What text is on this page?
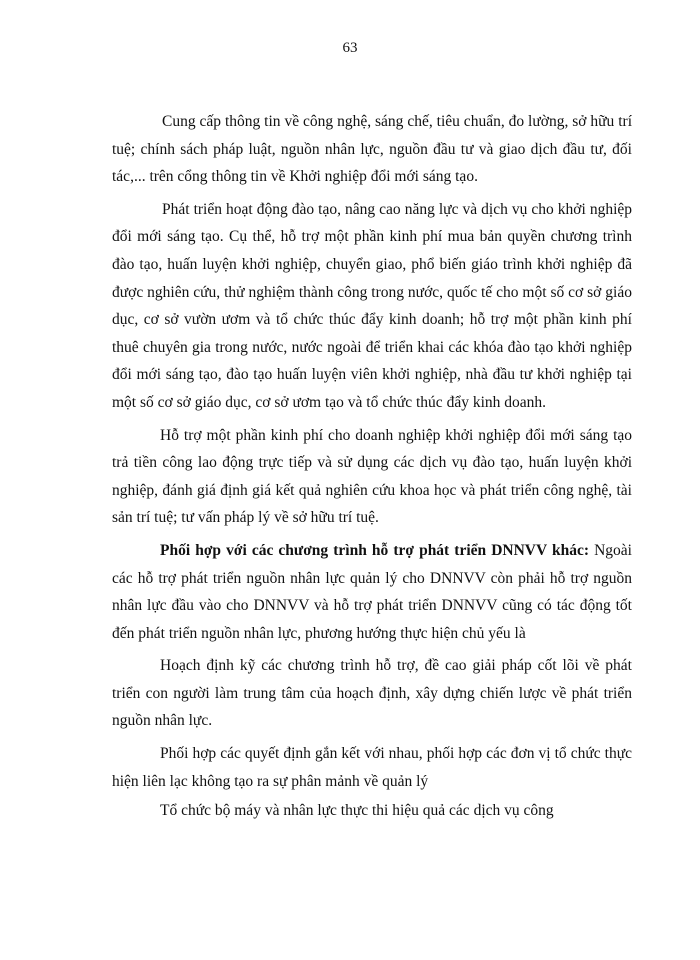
63

Cung cấp thông tin về công nghệ, sáng chế, tiêu chuẩn, đo lường, sở hữu trí tuệ; chính sách pháp luật, nguồn nhân lực, nguồn đầu tư và giao dịch đầu tư, đối tác,... trên cổng thông tin về Khởi nghiệp đổi mới sáng tạo.

Phát triển hoạt động đào tạo, nâng cao năng lực và dịch vụ cho khởi nghiệp đổi mới sáng tạo. Cụ thể, hỗ trợ một phần kinh phí mua bản quyền chương trình đào tạo, huấn luyện khởi nghiệp, chuyển giao, phổ biến giáo trình khởi nghiệp đã được nghiên cứu, thử nghiệm thành công trong nước, quốc tế cho một số cơ sở giáo dục, cơ sở vườn ươm và tổ chức thúc đẩy kinh doanh; hỗ trợ một phần kinh phí thuê chuyên gia trong nước, nước ngoài để triển khai các khóa đào tạo khởi nghiệp đổi mới sáng tạo, đào tạo huấn luyện viên khởi nghiệp, nhà đầu tư khởi nghiệp tại một số cơ sở giáo dục, cơ sở ươm tạo và tổ chức thúc đẩy kinh doanh.

Hỗ trợ một phần kinh phí cho doanh nghiệp khởi nghiệp đổi mới sáng tạo trả tiền công lao động trực tiếp và sử dụng các dịch vụ đào tạo, huấn luyện khởi nghiệp, đánh giá định giá kết quả nghiên cứu khoa học và phát triển công nghệ, tài sản trí tuệ; tư vấn pháp lý về sở hữu trí tuệ.

Phối hợp với các chương trình hỗ trợ phát triển DNNVV khác: Ngoài các hỗ trợ phát triển nguồn nhân lực quản lý cho DNNVV còn phải hỗ trợ nguồn nhân lực đầu vào cho DNNVV và hỗ trợ phát triển DNNVV cũng có tác động tốt đến phát triển nguồn nhân lực, phương hướng thực hiện chủ yếu là

Hoạch định kỹ các chương trình hỗ trợ, đề cao giải pháp cốt lõi về phát triển con người làm trung tâm của hoạch định, xây dựng chiến lược về phát triển nguồn nhân lực.

Phối hợp các quyết định gắn kết với nhau, phối hợp các đơn vị tổ chức thực hiện liên lạc không tạo ra sự phân mảnh về quản lý

Tổ chức bộ máy và nhân lực thực thi hiệu quả các dịch vụ công
